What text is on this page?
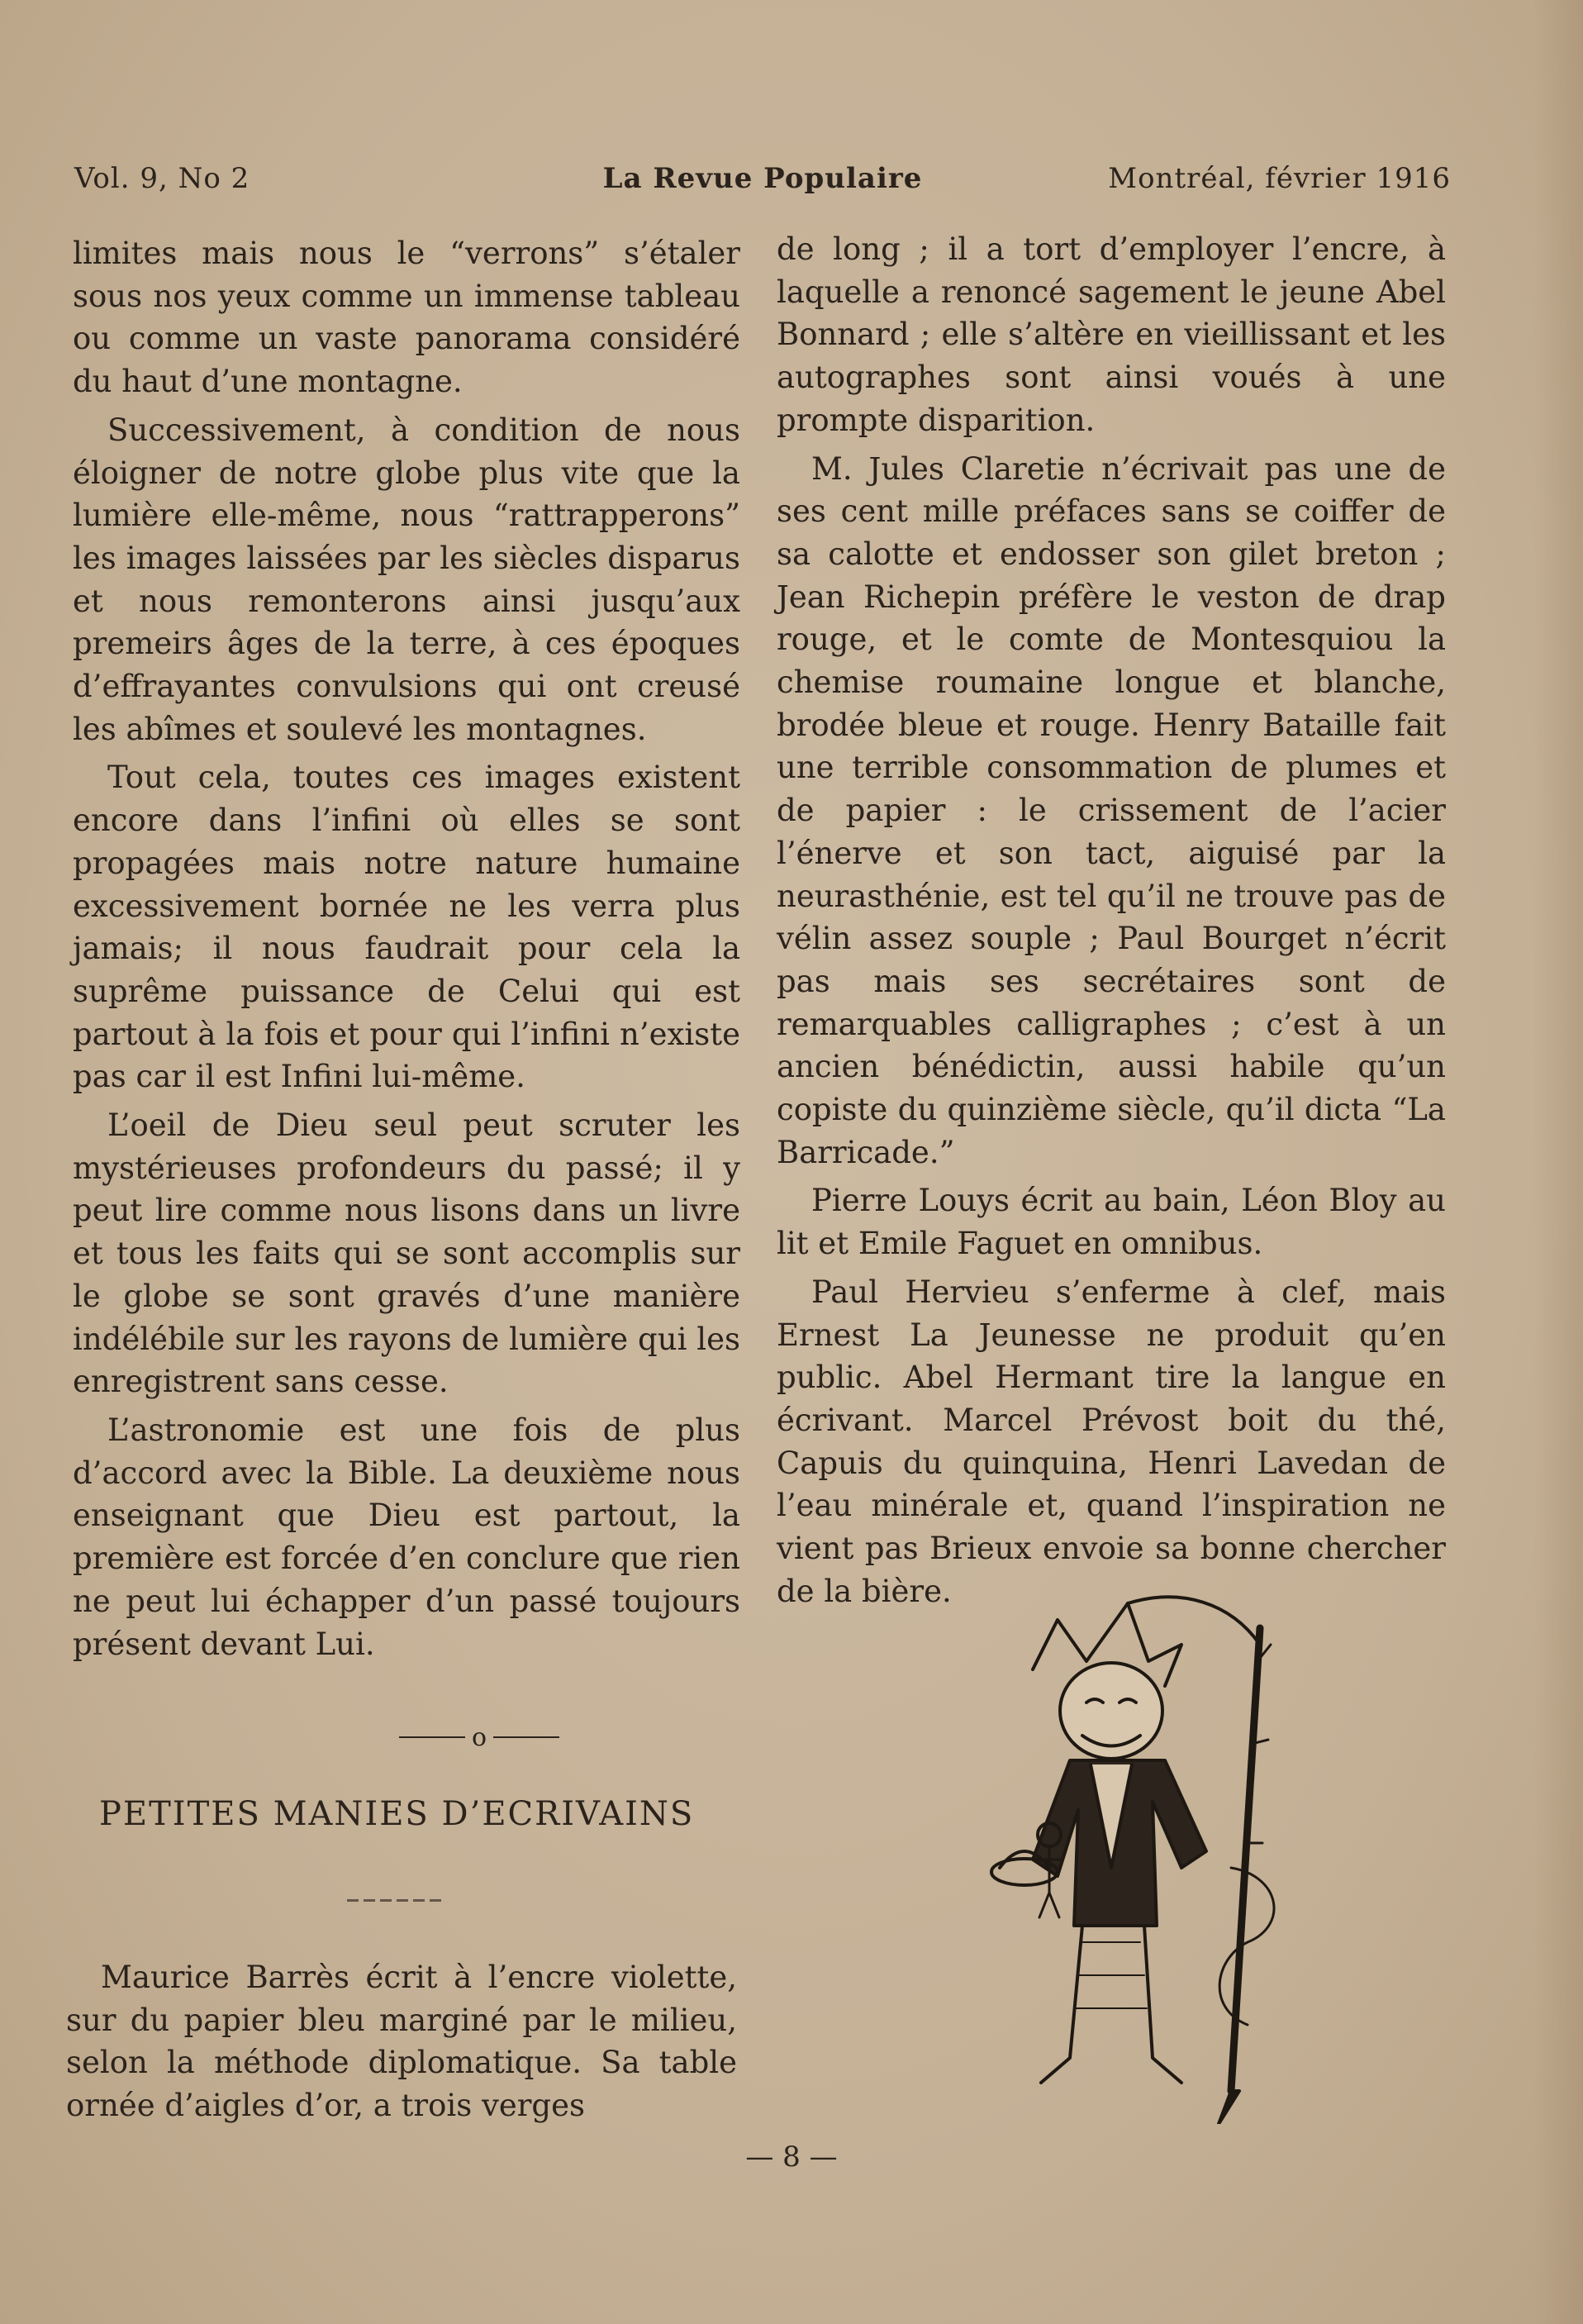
Vol. 9, No 2	La Revue Populaire	Montréal, février 1916

limites mais nous le “verrons” s’étaler sous nos yeux comme un immense tableau ou comme un vaste panorama considéré du haut d’une montagne.

Successivement, à condition de nous éloigner de notre globe plus vite que la lumière elle-même, nous “rattrapperons” les images laissées par les siècles disparus et nous remonterons ainsi jusqu’aux premeirs âges de la terre, à ces époques d’effrayantes convulsions qui ont creusé les abîmes et soulevé les montagnes.

Tout cela, toutes ces images existent encore dans l’infini où elles se sont propagées mais notre nature humaine excessivement bornée ne les verra plus jamais; il nous faudrait pour cela la suprême puissance de Celui qui est partout à la fois et pour qui l’infini n’existe pas car il est Infini lui-même.

L’oeil de Dieu seul peut scruter les mystérieuses profondeurs du passé; il y peut lire comme nous lisons dans un livre et tous les faits qui se sont accomplis sur le globe se sont gravés d’une manière indélébile sur les rayons de lumière qui les enregistrent sans cesse.

L’astronomie est une fois de plus d’accord avec la Bible. La deuxième nous enseignant que Dieu est partout, la première est forcée d’en conclure que rien ne peut lui échapper d’un passé toujours présent devant Lui.

o
PETITES MANIES D’ECRIVAINS

Maurice Barrès écrit à l’encre violette, sur du papier bleu marginé par le milieu, selon la méthode diplomatique. Sa table ornée d’aigles d’or, a trois verges

de long ; il a tort d’employer l’encre, à laquelle a renoncé sagement le jeune Abel Bonnard ; elle s’altère en vieillissant et les autographes sont ainsi voués à une prompte disparition.

M. Jules Claretie n’écrivait pas une de ses cent mille préfaces sans se coiffer de sa calotte et endosser son gilet breton ; Jean Richepin préfère le veston de drap rouge, et le comte de Montesquiou la chemise roumaine longue et blanche, brodée bleue et rouge. Henry Bataille fait une terrible consommation de plumes et de papier : le crissement de l’acier l’énerve et son tact, aiguisé par la neurasthénie, est tel qu’il ne trouve pas de vélin assez souple ; Paul Bourget n’écrit pas mais ses secrétaires sont de remarquables calligraphes ; c’est à un ancien bénédictin, aussi habile qu’un copiste du quinzième siècle, qu’il dicta “La Barricade.”

Pierre Louys écrit au bain, Léon Bloy au lit et Emile Faguet en omnibus.

Paul Hervieu s’enferme à clef, mais Ernest La Jeunesse ne produit qu’en public. Abel Hermant tire la langue en écrivant. Marcel Prévost boit du thé, Capuis du quinquina, Henri Lavedan de l’eau minérale et, quand l’inspiration ne vient pas Brieux envoie sa bonne chercher de la bière.

— 8 —
